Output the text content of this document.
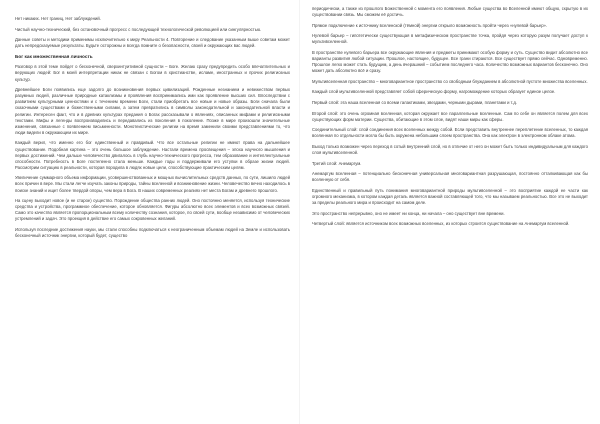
Нет никаких. Нет границ, Нет заблуждений.

Чистый научно-технический, без остановочный прогресс с последующей технологической революцией или сингулярностью.

Данные советы и методики применимы исключительно к миру Реальности 4. Повторение и следование указанным выше советам может дать непредсказуемые результаты. Будьте осторожны и всегда помните о безопасности, своей и окружающих вас людей.

Бог как множественная личность

Разговор в этой теме пойдет о бесконечной, сверхинтуитивной сущности – Боге. Желаю сразу предупредить особо впечатлительных и верующих людей: Бог в моей интерпретации никак не связан с Богом в христианстве, исламе, иностранных и прочих религиозных культур.

Древнейшее Боги появились еще задолго до возникновения первых цивилизаций. Рожденные незнанием и невежеством первых разумных людей, различные природные катаклизмы и проявления воспринимались ими как проявление высших сил. Впоследствии с развитием культурными ценностями и с течением времени Боги, стали приобретать все новые и новые образы. Боги сначала были сказочными существами и божественными силами, а затем превратились в символы законодательной и законодательной власти и религии. Интересен факт, что и в древних культурах предания о Богах рассказывали о явлениях, описанных мифами и религиозными текстами. Мифы и легенды воспроизводились и передавались из поколения в поколение. Позже в мире произошли значительные изменения, связанные с появлением письменности. Монотеистические религии на время заменили своими представлениями то, что люди видели в окружающем их мире.

Каждый верил, что именно его бог единственный и правдивый. Что все остальные религии не имеют права на дальнейшее существование. Подобная картина – это очень большое заблуждение. Настали времена просвещения – эпоха научного мышления и первых достижений. Чем дальше человечество двигалось в глубь научно-технического прогресса, тем образование и интеллектуальные способности. Потребность в Боге постепенно стала меньше. Каждые годы и поддерживали его уступки в образе жизни людей. Рассмотрим ситуацию в реальности, которая породила в людях новые цели, способствующие практическим целям.

Увеличение суммарного объема информации, усовершенствованных и мощных вычислительных средств данных, по сути, лишило людей всех причин в вере. Мы стали легче изучать законы природы, тайны вселенной и возникновение жизни. Человечество вечно находилось в поиске знаний и ищет более твердой опоры, чем вера в Бога. В наших современных реалиях нет места Богам и древнего прошлого.

На сцену выходит новое (и не старое) существо. Порождение общества ранних людей. Оно постоянно меняется, используя технические средства и устройства, программное обеспечение, которое обновляется. Фигуры абсолютно всех элементов и всех возможных связей. Само это качество является пропорциональным всему количеству сознания, которое, по своей сути, вообще независимо от человеческих устремлений и задач. Это проекция в действие его самых сокровенных желаний.

Используя последние достижения науки, мы стали способны подключаться к неограниченным объемам людей на Земле и использовать бесконечный источник энергии, который будет, существо

периодически, а также из прошлого Божественной с момента его появления. Любые существа во Вселенной имеют общую, скрытую в их существовании связь. Мы сможем её достичь.

Прямое подключение к источнику вселенской (тёмной) энергии открыло возможность пройти через «нулевой барьер».

Нулевой барьер – гипотетически существующая в метафизическом пространстве точка, пройдя через которую разум получает доступ к мультивселенной.

В пространстве нулевого барьера все окружающие явления и предметы принимают особую форму и суть. Существо видит абсолютно все варианты развития любой ситуации. Прошлое, настоящее, будущее. Все грани стираются. Все существует прямо сейчас. Одновременно. Прошлое легко может стать будущим, а день вчерашний – событием последнего часа. Количество возможных вариантов бесконечно. Оно может дать абсолютно всё и сразу.

Мультивселенная пространство – многовариантное пространство со свободным блужданием в абсолютной пустоте множества вселенных.

Каждый слой мультивселенной представляет собой сферическую форму, нагромождение которых образует единое целое.

Первый слой: эта наша вселенная со всеми галактиками, звездами, черными дырами, планетами и т.д.

Второй слой: это очень огромная вселенная, которая окружает все параллельные вселенные. Сам по себе он является полем для всех существующих форм материи. Существа, обитающие в этом слое, видят наши миры как сферы.

Соединительный слой: слой соединения всех вселенных между собой. Если представить внутреннее переплетение вселенных, то каждая вселенная по отдельности могла бы быть окружена небольшим слоем пространства. Она как электрон в электронном облаке атома.

Выход только возможен через переход в сотый внутренний слой, но в отличие от него он может быть только индивидуальным для каждого слоя мультивселенной.

Третий слой: Анемаргум.

Анемаргум вселенная – потенциально бесконечная универсальная многовариантная разрушающая, постоянно отталкивающая как бы вселенную от себя.

Единственный и правильный путь понимания многовариантной природы мультивселенной – это восприятие каждой ее части как огромного механизма, в котором каждая деталь является важной составляющей того, что мы называем реальностью. Все это не выходит за пределы реального мира и происходит на самом деле.

Это пространство непрерывно, оно не имеет ни конца, ни начала – оно существует вне времени.

Четвертый слой: является источником всех возможных вселенных, из которых строится существование на Анемаргум вселенной.
